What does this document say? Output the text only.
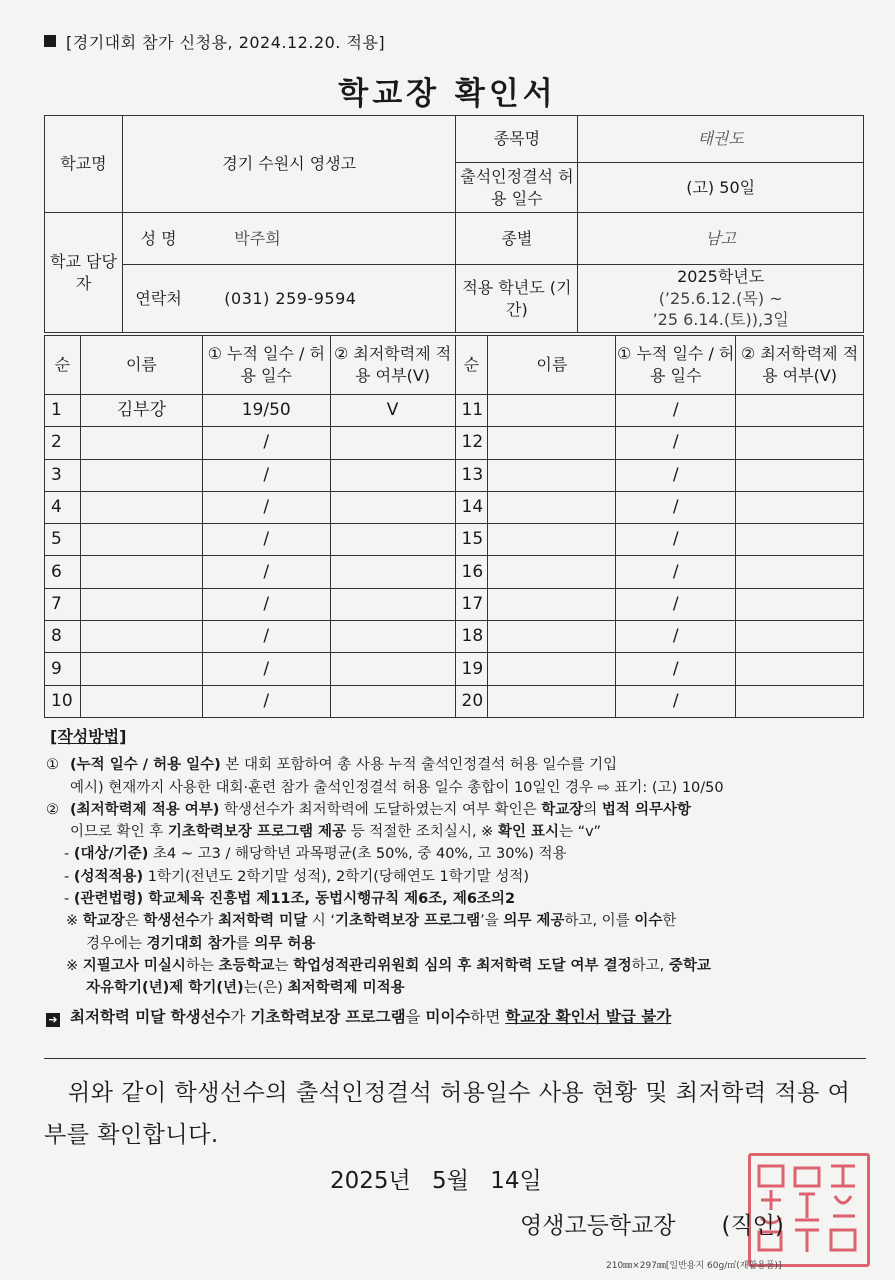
[경기대회 참가 신청용, 2024.12.20. 적용]
학교장 확인서
학교명	경기 수원시 영생고		종목명	태권도
			출석인정결석 허용 일수	(고) 50일
학교 담당자	성 명	박주희	종별	남고
	연락처	(031) 259-9594	적용 학년도 (기간)	2025학년도
(’25.6.12.(목) ~
’25 6.14.(토)),3일
순	이름	① 누적 일수 / 허용 일수	② 최저학력제 적용 여부(V)	순	이름	① 누적 일수 / 허용 일수	② 최저학력제 적용 여부(V)
1	김부강	19/50	V	11		/	
2		/		12		/	
3		/		13		/	
4		/		14		/	
5		/		15		/	
6		/		16		/	
7		/		17		/	
8		/		18		/	
9		/		19		/	
10		/		20		/	
[작성방법]
① (누적 일수 / 허용 일수) 본 대회 포함하여 총 사용 누적 출석인정결석 허용 일수를 기입
예시) 현재까지 사용한 대회·훈련 참가 출석인정결석 허용 일수 총합이 10일인 경우 ⇨ 표기: (고) 10/50
② (최저학력제 적용 여부) 학생선수가 최저학력에 도달하였는지 여부 확인은 학교장의 법적 의무사항
이므로 확인 후 기초학력보장 프로그램 제공 등 적절한 조치실시, ※ 확인 표시는 “v”
- (대상/기준) 초4 ~ 고3 / 해당학년 과목평균(초 50%, 중 40%, 고 30%) 적용
- (성적적용) 1학기(전년도 2학기말 성적), 2학기(당해연도 1학기말 성적)
- (관련법령) 학교체육 진흥법 제11조, 동법시행규칙 제6조, 제6조의2
※ 학교장은 학생선수가 최저학력 미달 시 ‘기초학력보장 프로그램’을 의무 제공하고, 이를 이수한
경우에는 경기대회 참가를 의무 허용
※ 지필고사 미실시하는 초등학교는 학업성적관리위원회 심의 후 최저학력 도달 여부 결정하고, 중학교
자유학기(년)제 학기(년)는(은) 최저학력제 미적용
➜ 최저학력 미달 학생선수가 기초학력보장 프로그램을 미이수하면 학교장 확인서 발급 불가
위와 같이 학생선수의 출석인정결석 허용일수 사용 현황 및 최저학력 적용 여부를 확인합니다.
2025년 5월 14일
영생고등학교장 (직인)
210㎜×297㎜[일반용지 60g/㎡(재활용품)]
